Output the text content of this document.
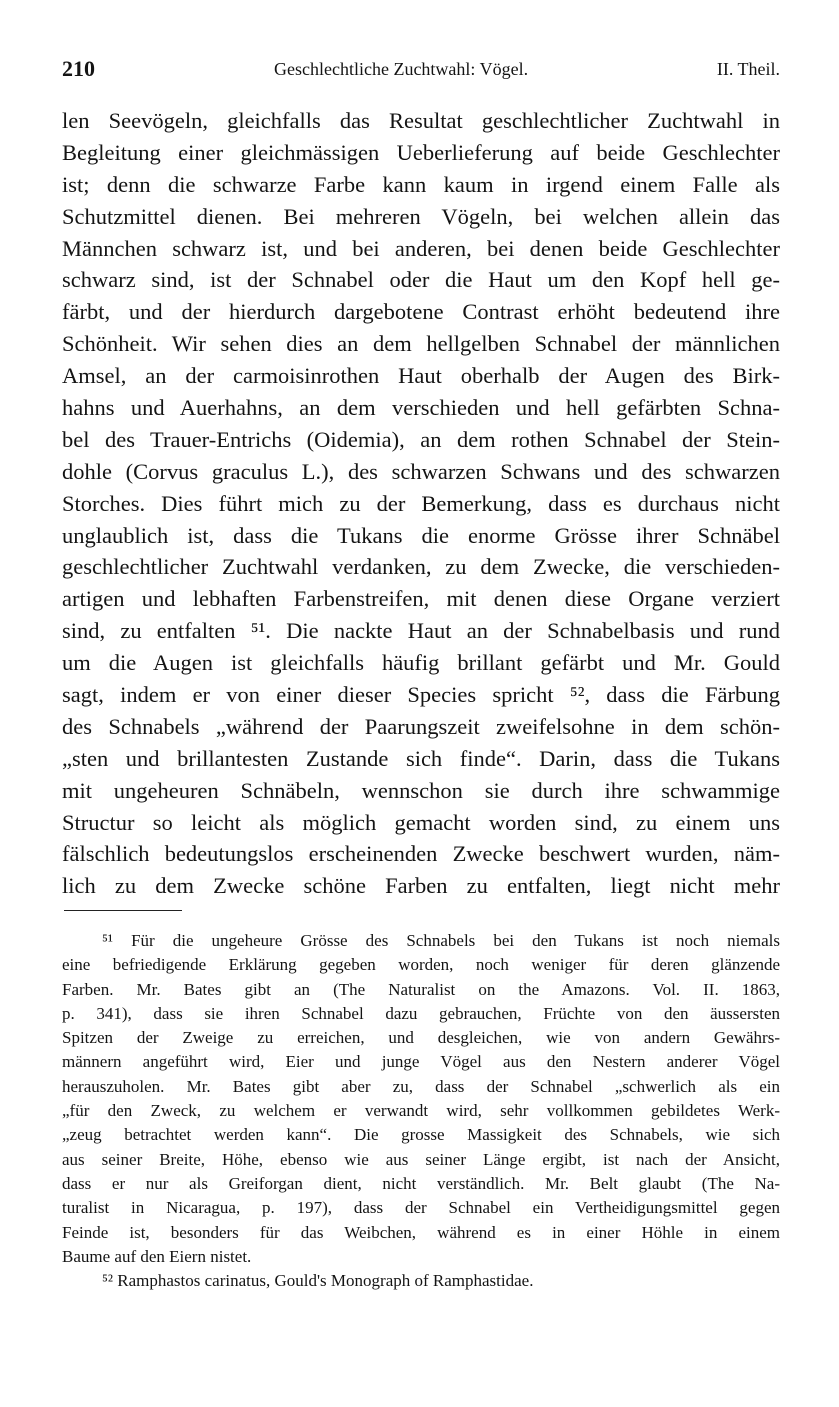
210	Geschlechtliche Zuchtwahl: Vögel.	II. Theil.
len Seevögeln, gleichfalls das Resultat geschlechtlicher Zuchtwahl in
Begleitung einer gleichmässigen Ueberlieferung auf beide Geschlechter
ist; denn die schwarze Farbe kann kaum in irgend einem Falle als
Schutzmittel dienen. Bei mehreren Vögeln, bei welchen allein das
Männchen schwarz ist, und bei anderen, bei denen beide Geschlechter
schwarz sind, ist der Schnabel oder die Haut um den Kopf hell ge-
färbt, und der hierdurch dargebotene Contrast erhöht bedeutend ihre
Schönheit. Wir sehen dies an dem hellgelben Schnabel der männlichen
Amsel, an der carmoisinrothen Haut oberhalb der Augen des Birk-
hahns und Auerhahns, an dem verschieden und hell gefärbten Schna-
bel des Trauer-Entrichs (Oidemia), an dem rothen Schnabel der Stein-
dohle (Corvus graculus L.), des schwarzen Schwans und des schwarzen
Storches. Dies führt mich zu der Bemerkung, dass es durchaus nicht
unglaublich ist, dass die Tukans die enorme Grösse ihrer Schnäbel
geschlechtlicher Zuchtwahl verdanken, zu dem Zwecke, die verschieden-
artigen und lebhaften Farbenstreifen, mit denen diese Organe verziert
sind, zu entfalten ⁵¹. Die nackte Haut an der Schnabelbasis und rund
um die Augen ist gleichfalls häufig brillant gefärbt und Mr. Gould
sagt, indem er von einer dieser Species spricht ⁵², dass die Färbung
des Schnabels „während der Paarungszeit zweifelsohne in dem schön-
„sten und brillantesten Zustande sich finde“. Darin, dass die Tukans
mit ungeheuren Schnäbeln, wennschon sie durch ihre schwammige
Structur so leicht als möglich gemacht worden sind, zu einem uns
fälschlich bedeutungslos erscheinenden Zwecke beschwert wurden, näm-
lich zu dem Zwecke schöne Farben zu entfalten, liegt nicht mehr
⁵¹ Für die ungeheure Grösse des Schnabels bei den Tukans ist noch niemals
eine befriedigende Erklärung gegeben worden, noch weniger für deren glänzende
Farben. Mr. Bates gibt an (The Naturalist on the Amazons. Vol. II. 1863,
p. 341), dass sie ihren Schnabel dazu gebrauchen, Früchte von den äussersten
Spitzen der Zweige zu erreichen, und desgleichen, wie von andern Gewährs-
männern angeführt wird, Eier und junge Vögel aus den Nestern anderer Vögel
herauszuholen. Mr. Bates gibt aber zu, dass der Schnabel „schwerlich als ein
„für den Zweck, zu welchem er verwandt wird, sehr vollkommen gebildetes Werk-
„zeug betrachtet werden kann“. Die grosse Massigkeit des Schnabels, wie sich
aus seiner Breite, Höhe, ebenso wie aus seiner Länge ergibt, ist nach der Ansicht,
dass er nur als Greiforgan dient, nicht verständlich. Mr. Belt glaubt (The Na-
turalist in Nicaragua, p. 197), dass der Schnabel ein Vertheidigungsmittel gegen
Feinde ist, besonders für das Weibchen, während es in einer Höhle in einem
Baume auf den Eiern nistet.
⁵² Ramphastos carinatus, Gould's Monograph of Ramphastidae.
